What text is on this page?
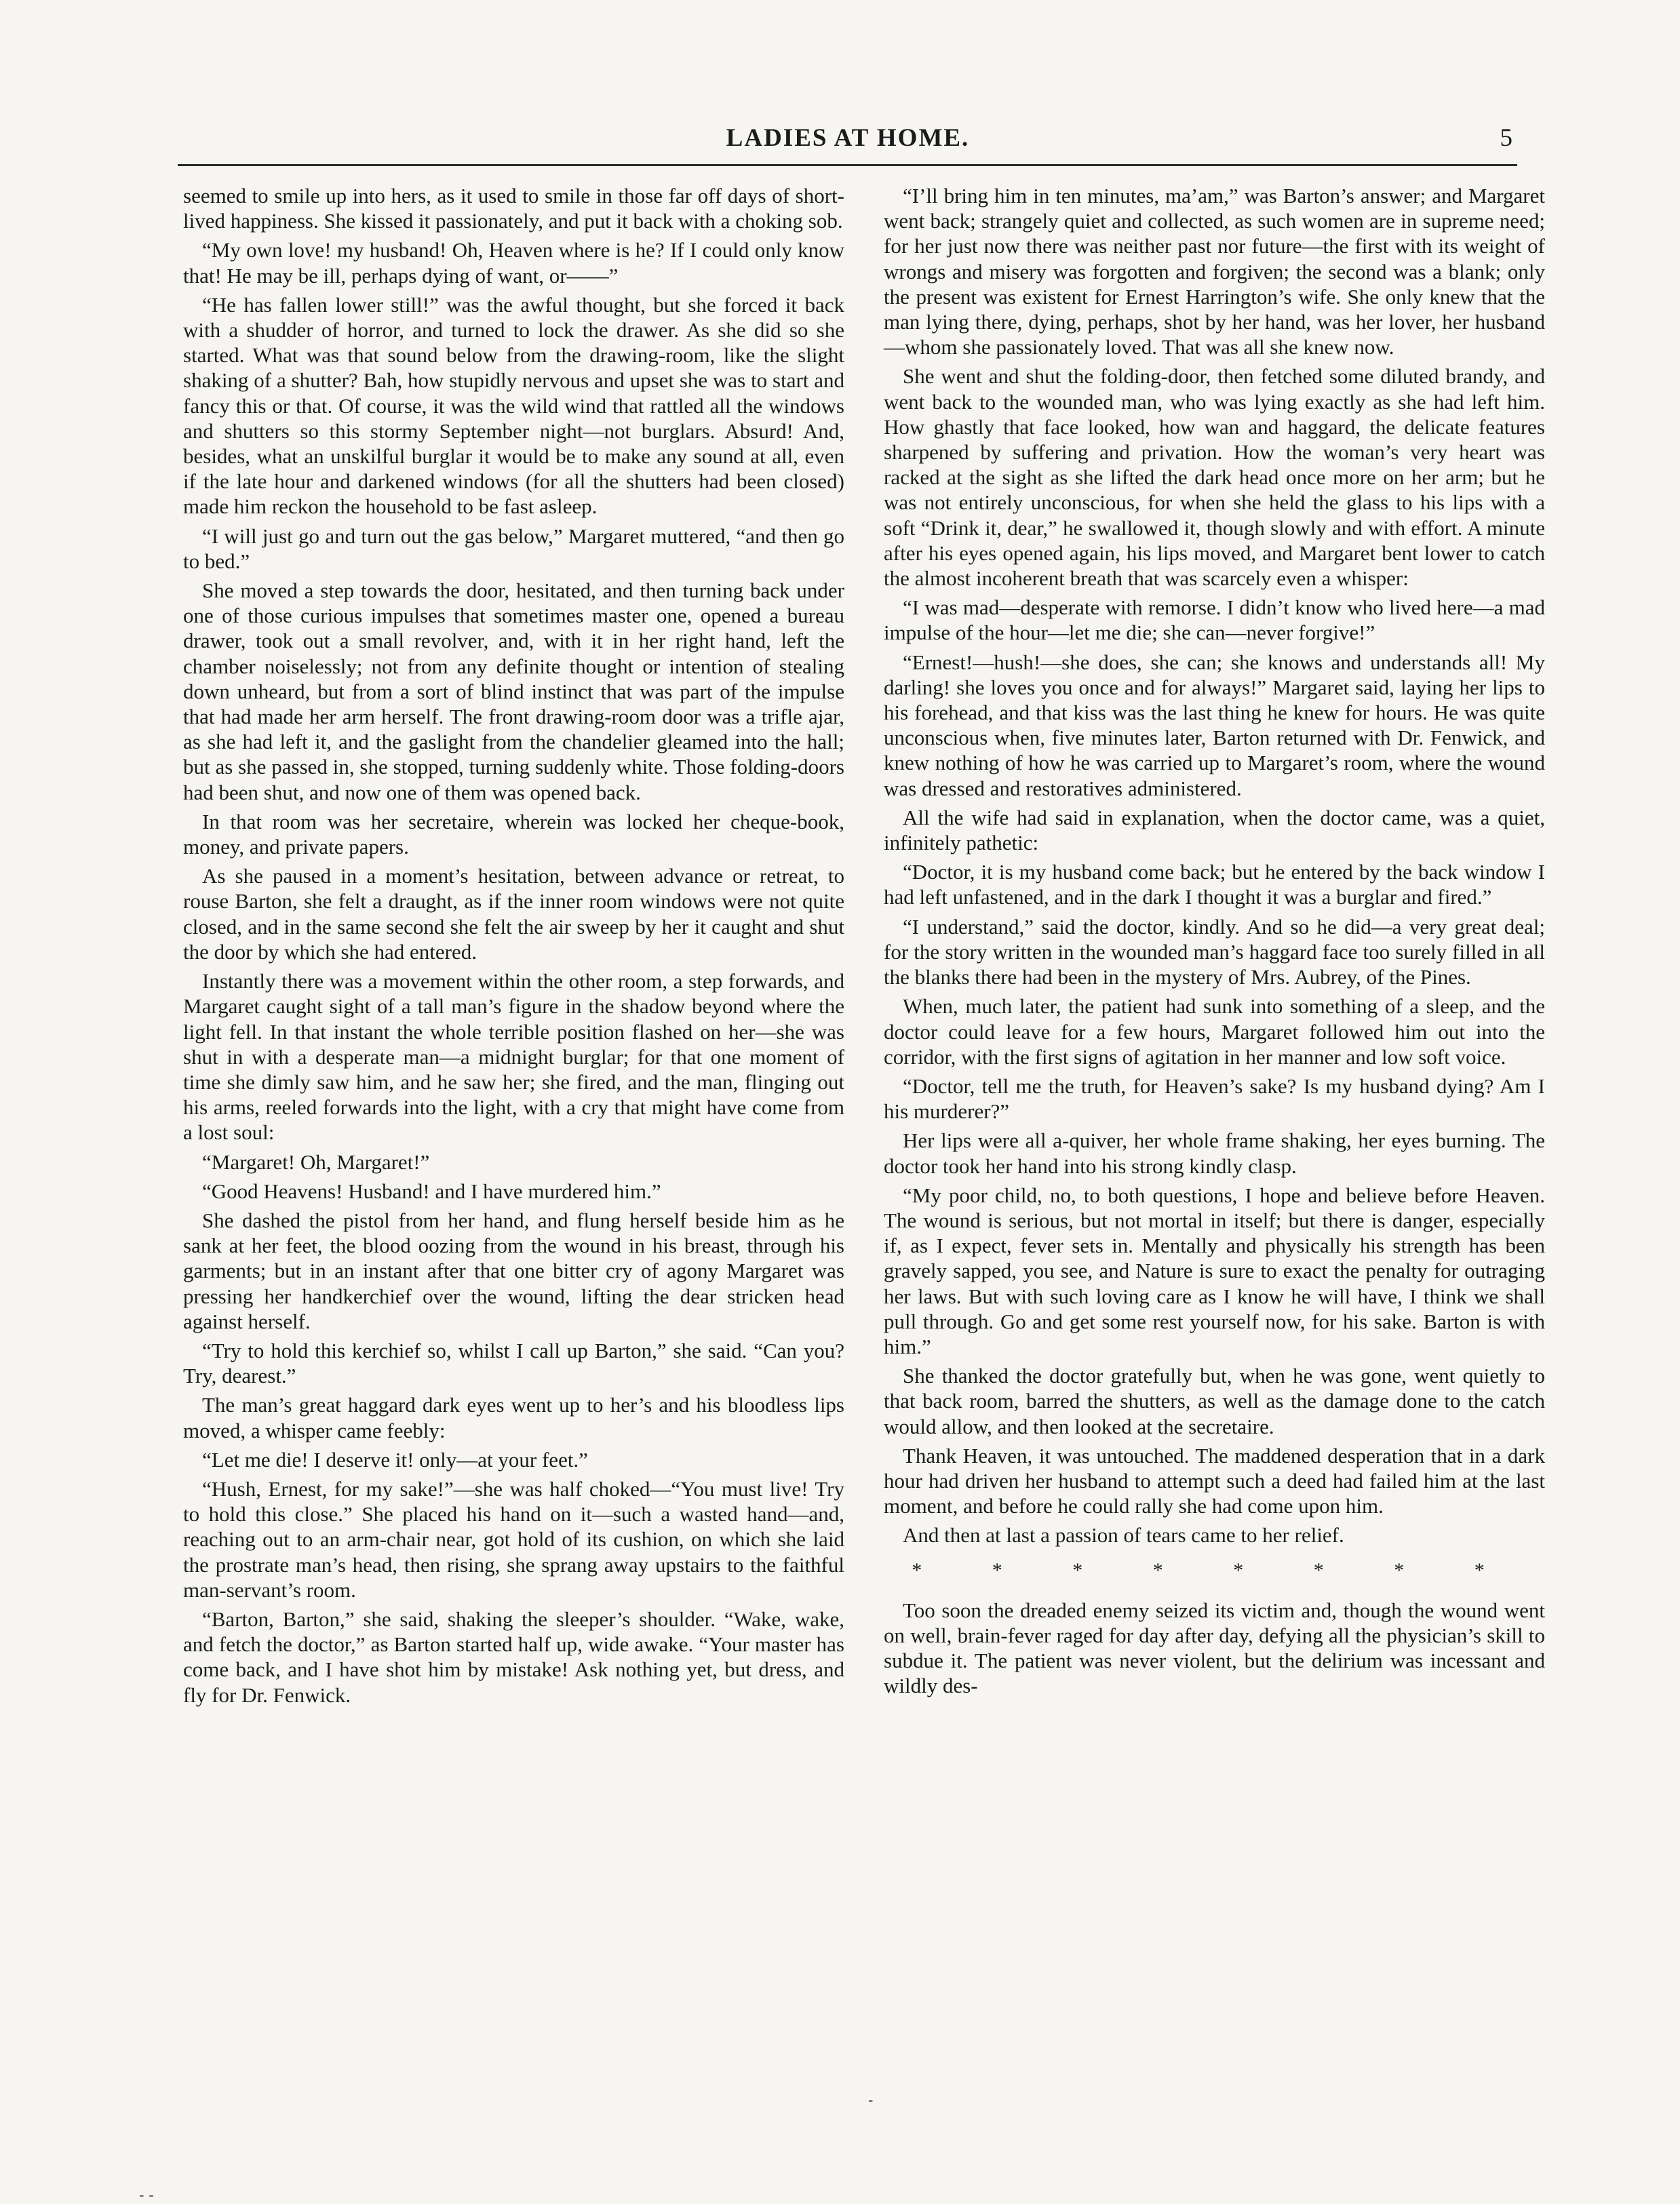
LADIES AT HOME.	5

seemed to smile up into hers, as it used to smile in those far off days of short-lived happiness. She kissed it passionately, and put it back with a choking sob.

“My own love! my husband! Oh, Heaven where is he? If I could only know that! He may be ill, perhaps dying of want, or——”

“He has fallen lower still!” was the awful thought, but she forced it back with a shudder of horror, and turned to lock the drawer. As she did so she started. What was that sound below from the drawing-room, like the slight shaking of a shutter? Bah, how stupidly nervous and upset she was to start and fancy this or that. Of course, it was the wild wind that rattled all the windows and shutters so this stormy September night—not burglars. Absurd! And, besides, what an unskilful burglar it would be to make any sound at all, even if the late hour and darkened windows (for all the shutters had been closed) made him reckon the household to be fast asleep.

“I will just go and turn out the gas below,” Margaret muttered, “and then go to bed.”

She moved a step towards the door, hesitated, and then turning back under one of those curious impulses that sometimes master one, opened a bureau drawer, took out a small revolver, and, with it in her right hand, left the chamber noiselessly; not from any definite thought or intention of stealing down unheard, but from a sort of blind instinct that was part of the impulse that had made her arm herself. The front drawing-room door was a trifle ajar, as she had left it, and the gaslight from the chandelier gleamed into the hall; but as she passed in, she stopped, turning suddenly white. Those folding-doors had been shut, and now one of them was opened back.

In that room was her secretaire, wherein was locked her cheque-book, money, and private papers.

As she paused in a moment’s hesitation, between advance or retreat, to rouse Barton, she felt a draught, as if the inner room windows were not quite closed, and in the same second she felt the air sweep by her it caught and shut the door by which she had entered.

Instantly there was a movement within the other room, a step forwards, and Margaret caught sight of a tall man’s figure in the shadow beyond where the light fell. In that instant the whole terrible position flashed on her—she was shut in with a desperate man—a midnight burglar; for that one moment of time she dimly saw him, and he saw her; she fired, and the man, flinging out his arms, reeled forwards into the light, with a cry that might have come from a lost soul:

“Margaret! Oh, Margaret!”

“Good Heavens! Husband! and I have murdered him.”

She dashed the pistol from her hand, and flung herself beside him as he sank at her feet, the blood oozing from the wound in his breast, through his garments; but in an instant after that one bitter cry of agony Margaret was pressing her handkerchief over the wound, lifting the dear stricken head against herself.

“Try to hold this kerchief so, whilst I call up Barton,” she said. “Can you? Try, dearest.”

The man’s great haggard dark eyes went up to her’s and his bloodless lips moved, a whisper came feebly:

“Let me die! I deserve it! only—at your feet.”

“Hush, Ernest, for my sake!”—she was half choked—“You must live! Try to hold this close.” She placed his hand on it—such a wasted hand—and, reaching out to an arm-chair near, got hold of its cushion, on which she laid the prostrate man’s head, then rising, she sprang away upstairs to the faithful man-servant’s room.

“Barton, Barton,” she said, shaking the sleeper’s shoulder. “Wake, wake, and fetch the doctor,” as Barton started half up, wide awake. “Your master has come back, and I have shot him by mistake! Ask nothing yet, but dress, and fly for Dr. Fenwick.

“I’ll bring him in ten minutes, ma’am,” was Barton’s answer; and Margaret went back; strangely quiet and collected, as such women are in supreme need; for her just now there was neither past nor future—the first with its weight of wrongs and misery was forgotten and forgiven; the second was a blank; only the present was existent for Ernest Harrington’s wife. She only knew that the man lying there, dying, perhaps, shot by her hand, was her lover, her husband—whom she passionately loved. That was all she knew now.

She went and shut the folding-door, then fetched some diluted brandy, and went back to the wounded man, who was lying exactly as she had left him. How ghastly that face looked, how wan and haggard, the delicate features sharpened by suffering and privation. How the woman’s very heart was racked at the sight as she lifted the dark head once more on her arm; but he was not entirely unconscious, for when she held the glass to his lips with a soft “Drink it, dear,” he swallowed it, though slowly and with effort. A minute after his eyes opened again, his lips moved, and Margaret bent lower to catch the almost incoherent breath that was scarcely even a whisper:

“I was mad—desperate with remorse. I didn’t know who lived here—a mad impulse of the hour—let me die; she can—never forgive!”

“Ernest!—hush!—she does, she can; she knows and understands all! My darling! she loves you once and for always!” Margaret said, laying her lips to his forehead, and that kiss was the last thing he knew for hours. He was quite unconscious when, five minutes later, Barton returned with Dr. Fenwick, and knew nothing of how he was carried up to Margaret’s room, where the wound was dressed and restoratives administered.

All the wife had said in explanation, when the doctor came, was a quiet, infinitely pathetic:

“Doctor, it is my husband come back; but he entered by the back window I had left unfastened, and in the dark I thought it was a burglar and fired.”

“I understand,” said the doctor, kindly. And so he did—a very great deal; for the story written in the wounded man’s haggard face too surely filled in all the blanks there had been in the mystery of Mrs. Aubrey, of the Pines.

When, much later, the patient had sunk into something of a sleep, and the doctor could leave for a few hours, Margaret followed him out into the corridor, with the first signs of agitation in her manner and low soft voice.

“Doctor, tell me the truth, for Heaven’s sake? Is my husband dying? Am I his murderer?”

Her lips were all a-quiver, her whole frame shaking, her eyes burning. The doctor took her hand into his strong kindly clasp.

“My poor child, no, to both questions, I hope and believe before Heaven. The wound is serious, but not mortal in itself; but there is danger, especially if, as I expect, fever sets in. Mentally and physically his strength has been gravely sapped, you see, and Nature is sure to exact the penalty for outraging her laws. But with such loving care as I know he will have, I think we shall pull through. Go and get some rest yourself now, for his sake. Barton is with him.”

She thanked the doctor gratefully but, when he was gone, went quietly to that back room, barred the shutters, as well as the damage done to the catch would allow, and then looked at the secretaire.

Thank Heaven, it was untouched. The maddened desperation that in a dark hour had driven her husband to attempt such a deed had failed him at the last moment, and before he could rally she had come upon him.

And then at last a passion of tears came to her relief.

* * * * * * * *

Too soon the dreaded enemy seized its victim and, though the wound went on well, brain-fever raged for day after day, defying all the physician’s skill to subdue it. The patient was never violent, but the delirium was incessant and wildly des-

-
- -
